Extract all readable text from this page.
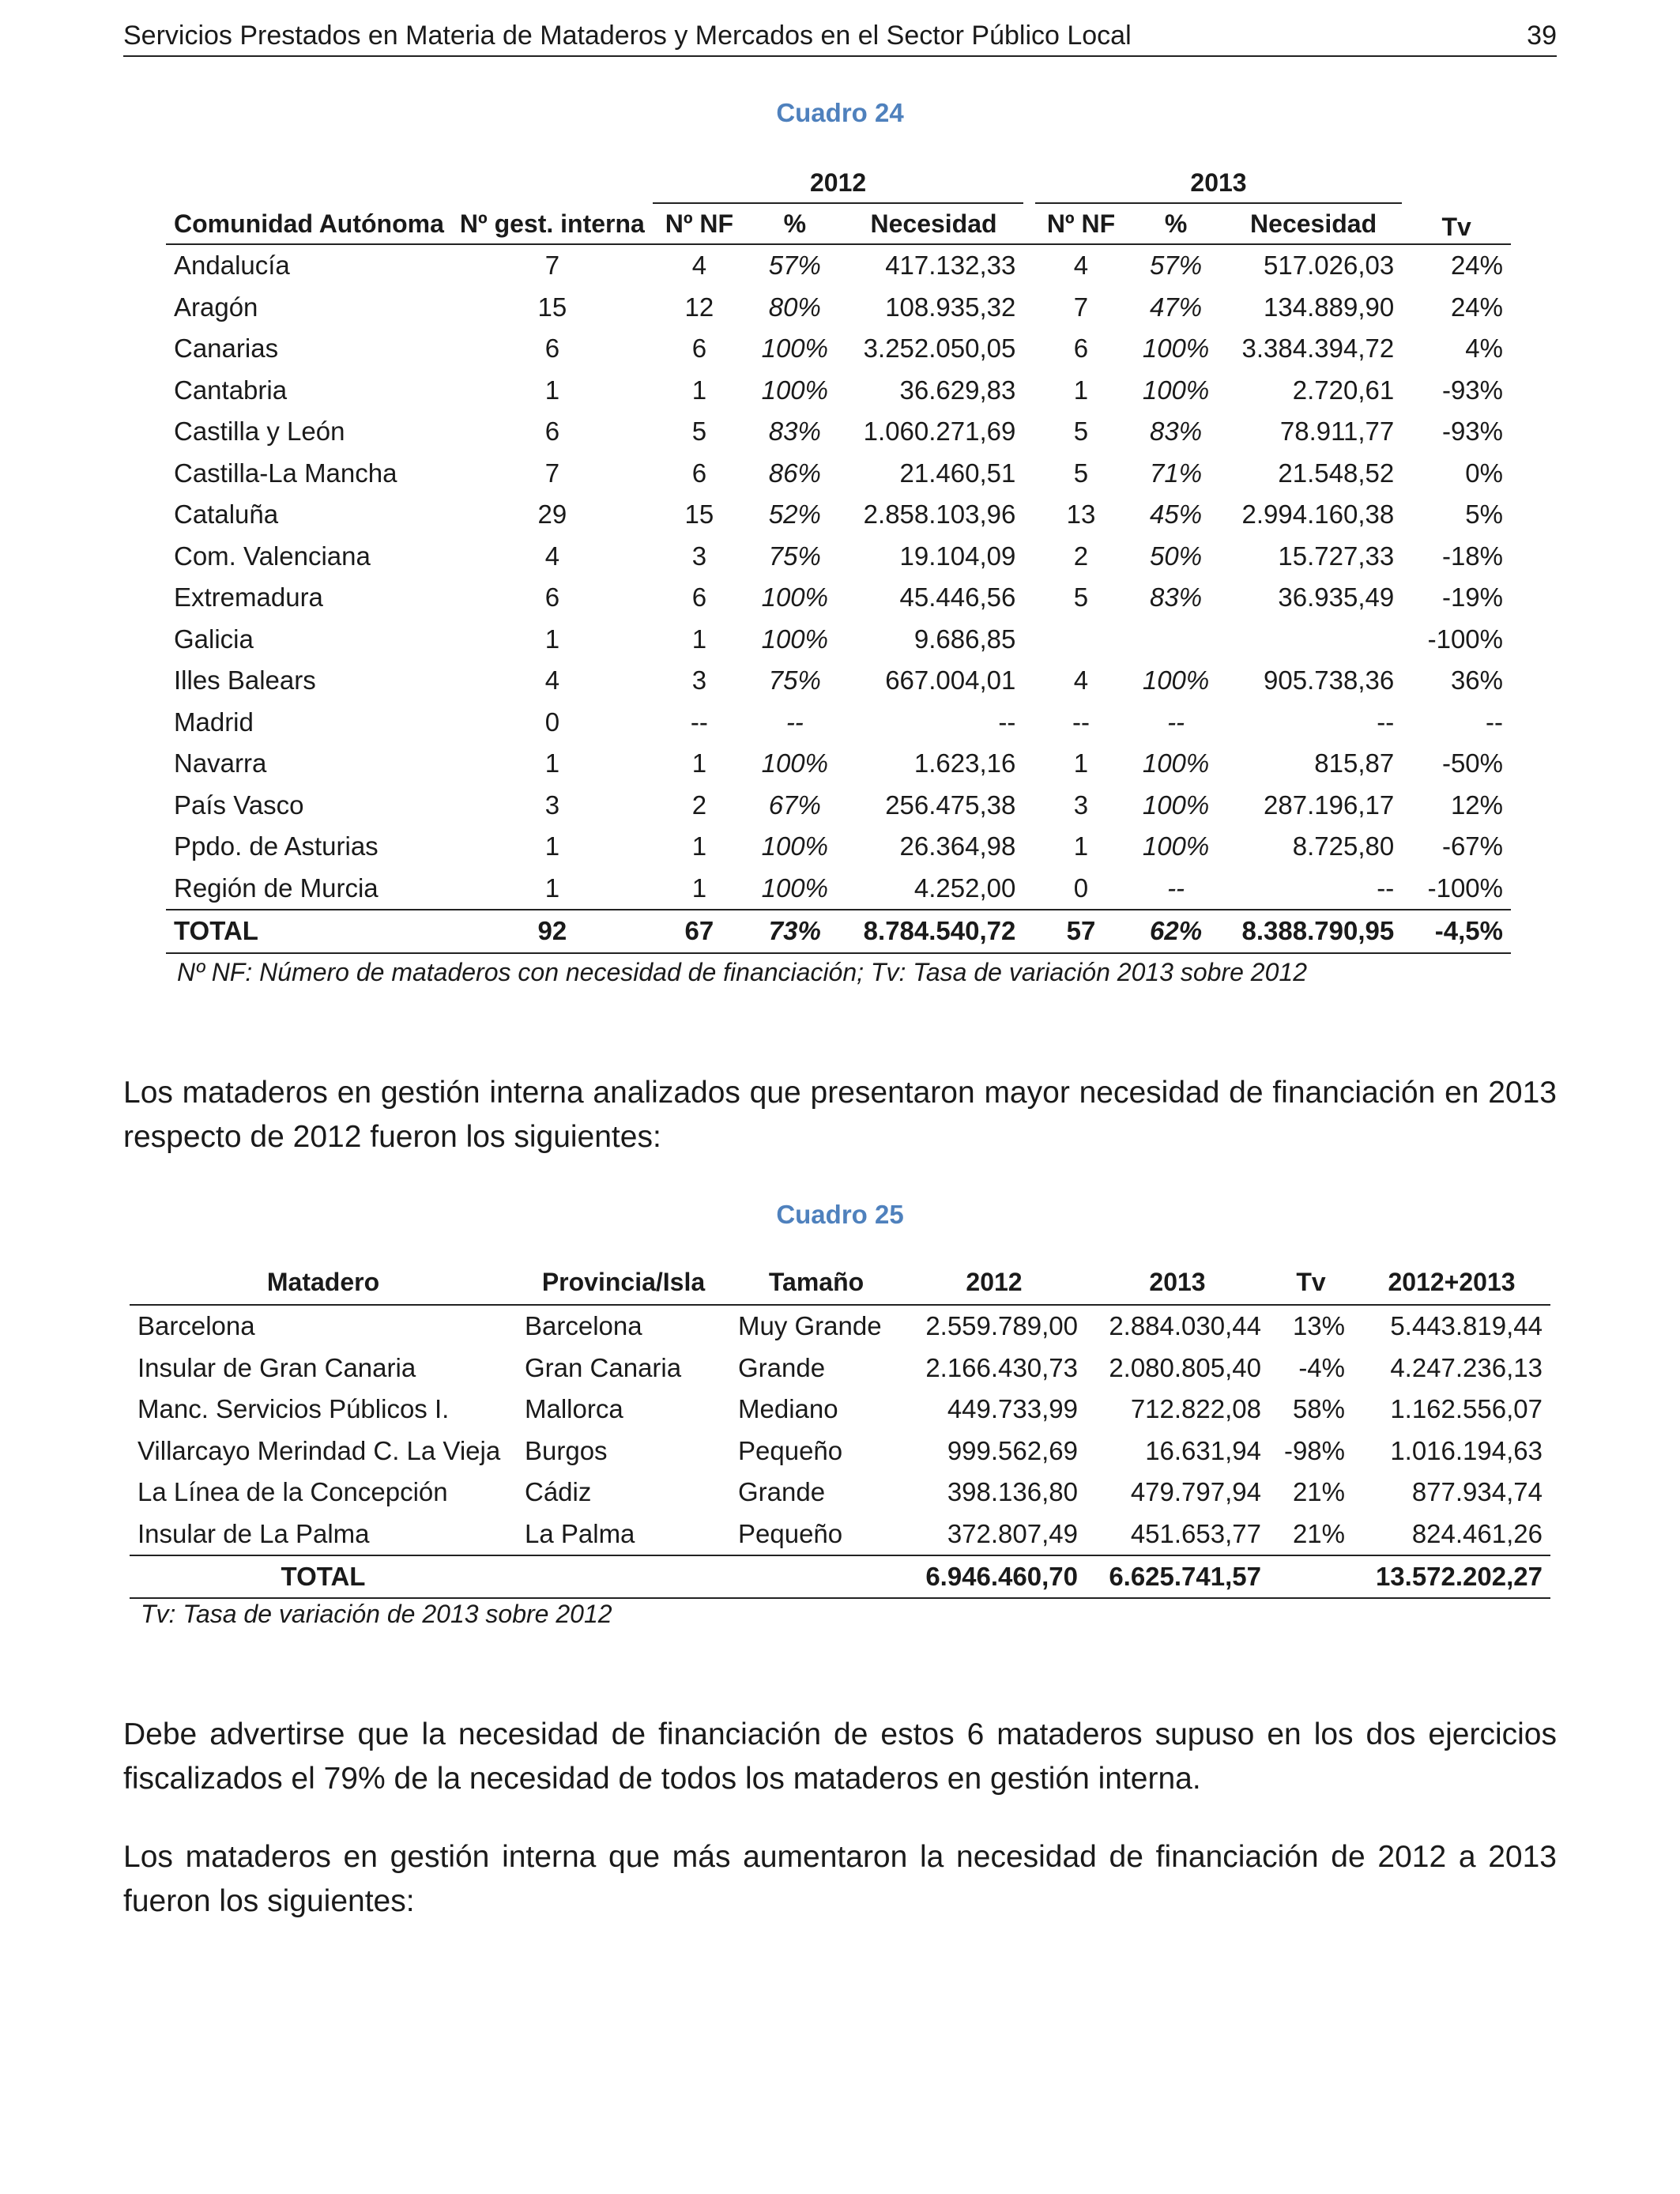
Servicios Prestados en Materia de Mataderos y Mercados en el Sector Público Local	39
Cuadro 24
Comunidad Autónoma	Nº gest. interna	2012				2013			Tv
		Nº NF	%	Necesidad		Nº NF	%	Necesidad	
Andalucía	7	4	57%	417.132,33		4	57%	517.026,03	24%
Aragón	15	12	80%	108.935,32		7	47%	134.889,90	24%
Canarias	6	6	100%	3.252.050,05		6	100%	3.384.394,72	4%
Cantabria	1	1	100%	36.629,83		1	100%	2.720,61	-93%
Castilla y León	6	5	83%	1.060.271,69		5	83%	78.911,77	-93%
Castilla-La Mancha	7	6	86%	21.460,51		5	71%	21.548,52	0%
Cataluña	29	15	52%	2.858.103,96		13	45%	2.994.160,38	5%
Com. Valenciana	4	3	75%	19.104,09		2	50%	15.727,33	-18%
Extremadura	6	6	100%	45.446,56		5	83%	36.935,49	-19%
Galicia	1	1	100%	9.686,85					-100%
Illes Balears	4	3	75%	667.004,01		4	100%	905.738,36	36%
Madrid	0	--	--	--		--	--	--	--
Navarra	1	1	100%	1.623,16		1	100%	815,87	-50%
País Vasco	3	2	67%	256.475,38		3	100%	287.196,17	12%
Ppdo. de Asturias	1	1	100%	26.364,98		1	100%	8.725,80	-67%
Región de Murcia	1	1	100%	4.252,00		0	--	--	-100%
TOTAL	92	67	73%	8.784.540,72		57	62%	8.388.790,95	-4,5%
Nº NF: Número de mataderos con necesidad de financiación; Tv: Tasa de variación 2013 sobre 2012
Los mataderos en gestión interna analizados que presentaron mayor necesidad de financiación en 2013 respecto de 2012 fueron los siguientes:
Cuadro 25
Matadero	Provincia/Isla	Tamaño	2012	2013	Tv	2012+2013
Barcelona	Barcelona	Muy Grande	2.559.789,00	2.884.030,44	13%	5.443.819,44
Insular de Gran Canaria	Gran Canaria	Grande	2.166.430,73	2.080.805,40	-4%	4.247.236,13
Manc. Servicios Públicos I.	Mallorca	Mediano	449.733,99	712.822,08	58%	1.162.556,07
Villarcayo Merindad C. La Vieja	Burgos	Pequeño	999.562,69	16.631,94	-98%	1.016.194,63
La Línea de la Concepción	Cádiz	Grande	398.136,80	479.797,94	21%	877.934,74
Insular de La Palma	La Palma	Pequeño	372.807,49	451.653,77	21%	824.461,26
TOTAL			6.946.460,70	6.625.741,57		13.572.202,27
Tv: Tasa de variación de 2013 sobre 2012
Debe advertirse que la necesidad de financiación de estos 6 mataderos supuso en los dos ejercicios fiscalizados el 79% de la necesidad de todos los mataderos en gestión interna.
Los mataderos en gestión interna que más aumentaron la necesidad de financiación de 2012 a 2013 fueron los siguientes:
